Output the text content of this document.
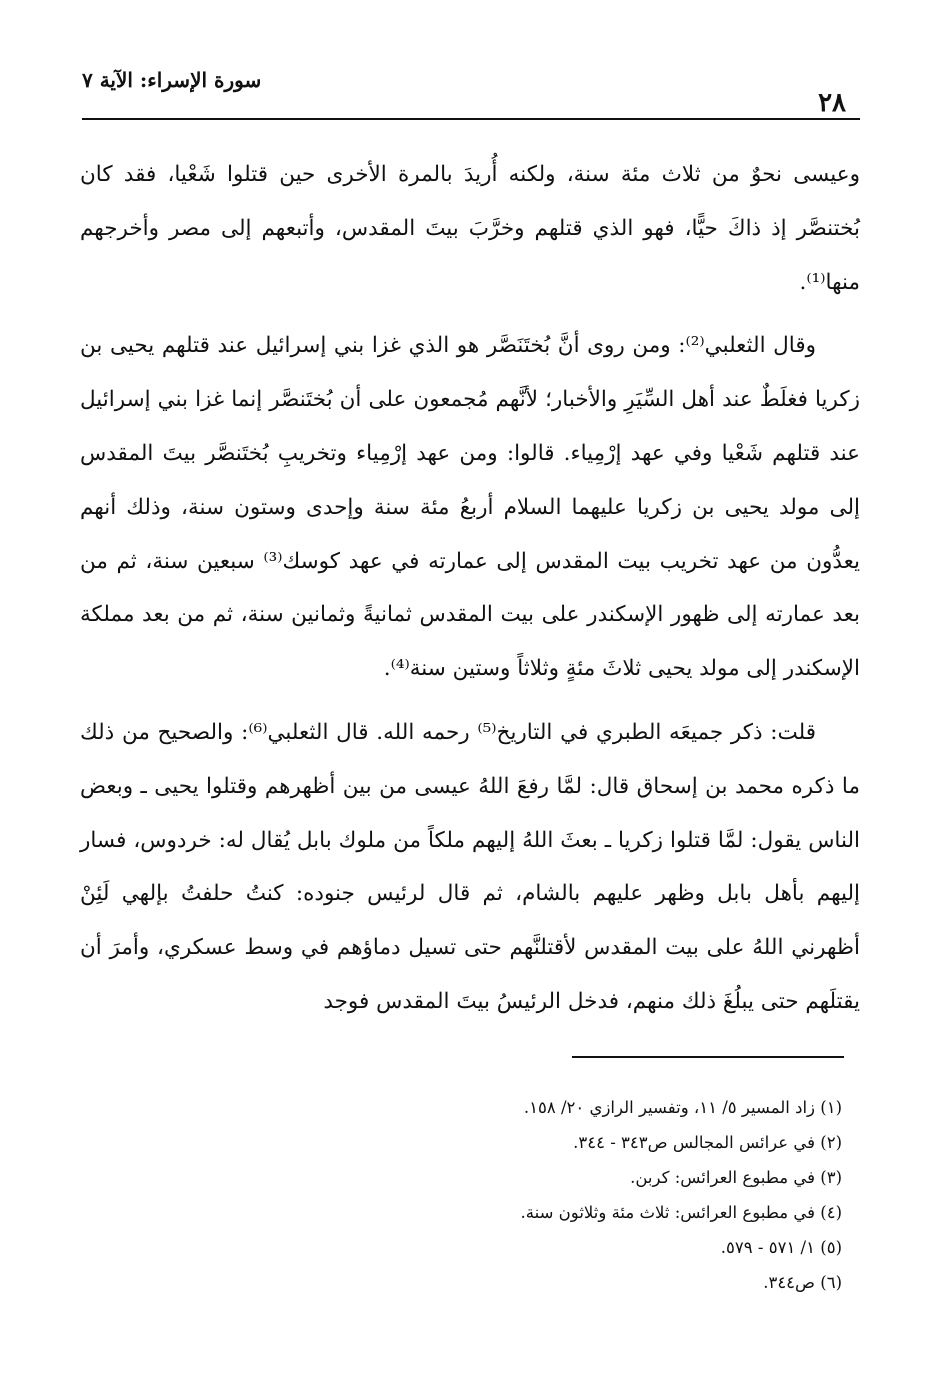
سورة الإسراء: الآية ٧
٢٨

وعيسى نحوٌ من ثلاث مئة سنة، ولكنه أُريدَ بالمرة الأخرى حين قتلوا شَعْيا، فقد كان بُختنصَّر إذ ذاكَ حيًّا، فهو الذي قتلهم وخرَّبَ بيتَ المقدس، وأتبعهم إلى مصر وأخرجهم منها⁽¹⁾.

وقال الثعلبي⁽²⁾: ومن روى أنَّ بُختَنَصَّر هو الذي غزا بني إسرائيل عند قتلهم يحيى بن زكريا فغلَطٌ عند أهل السِّيَرِ والأخبار؛ لأنَّهم مُجمعون على أن بُختَنصَّر إنما غزا بني إسرائيل عند قتلهم شَعْيا وفي عهد إرْمِياء. قالوا: ومن عهد إرْمِياء وتخريبِ بُختَنصَّر بيتَ المقدس إلى مولد يحيى بن زكريا عليهما السلام أربعُ مئة سنة وإحدى وستون سنة، وذلك أنهم يعدُّون من عهد تخريب بيت المقدس إلى عمارته في عهد كوسك⁽³⁾ سبعين سنة، ثم من بعد عمارته إلى ظهور الإسكندر على بيت المقدس ثمانيةً وثمانين سنة، ثم من بعد مملكة الإسكندر إلى مولد يحيى ثلاثَ مئةٍ وثلاثاً وستين سنة⁽⁴⁾.

قلت: ذكر جميعَه الطبري في التاريخ⁽⁵⁾ رحمه الله. قال الثعلبي⁽⁶⁾: والصحيح من ذلك ما ذكره محمد بن إسحاق قال: لمَّا رفعَ اللهُ عيسى من بين أظهرهم وقتلوا يحيى ـ وبعض الناس يقول: لمَّا قتلوا زكريا ـ بعثَ اللهُ إليهم ملكاً من ملوك بابل يُقال له: خردوس، فسار إليهم بأهل بابل وظهر عليهم بالشام، ثم قال لرئيس جنوده: كنتُ حلفتُ بإلهي لَئِنْ أظهرني اللهُ على بيت المقدس لأقتلنَّهم حتى تسيل دماؤهم في وسط عسكري، وأمرَ أن يقتلَهم حتى يبلُغَ ذلك منهم، فدخل الرئيسُ بيتَ المقدس فوجد

(١) زاد المسير ٥/ ١١، وتفسير الرازي ٢٠/ ١٥٨.

(٢) في عرائس المجالس ص٣٤٣ - ٣٤٤.

(٣) في مطبوع العرائس: كربن.

(٤) في مطبوع العرائس: ثلاث مئة وثلاثون سنة.

(٥) ١/ ٥٧١ - ٥٧٩.

(٦) ص٣٤٤.
